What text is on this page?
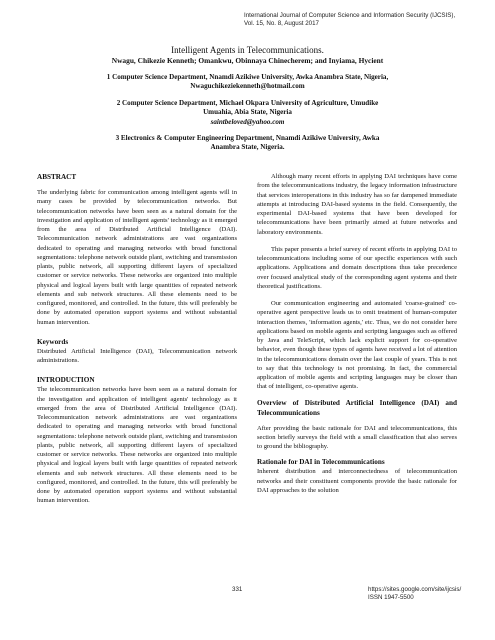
International Journal of Computer Science and Information Security (IJCSIS),
Vol. 15, No. 8, August 2017
Intelligent Agents in Telecommunications.
Nwagu, Chikezie Kenneth; Omankwu, Obinnaya Chinecherem; and Inyiama, Hycient
1 Computer Science Department, Nnamdi Azikiwe University, Awka Anambra State, Nigeria,
Nwaguchikeziekenneth@hotmail.com
2 Computer Science Department, Michael Okpara University of Agriculture, Umudike
Umuahia, Abia State, Nigeria
saintbeloved@yahoo.com
3 Electronics & Computer Engineering Department, Nnamdi Azikiwe University, Awka
Anambra State, Nigeria.
ABSTRACT

The underlying fabric for communication among intelligent agents will in many cases be provided by telecommunication networks. But telecommunication networks have been seen as a natural domain for the investigation and application of intelligent agents' technology as it emerged from the area of Distributed Artificial Intelligence (DAI). Telecommunication network administrations are vast organizations dedicated to operating and managing networks with broad functional segmentations: telephone network outside plant, switching and transmission plants, public network, all supporting different layers of specialized customer or service networks. These networks are organized into multiple physical and logical layers built with large quantities of repeated network elements and sub network structures. All these elements need to be configured, monitored, and controlled. In the future, this will preferably be done by automated operation support systems and without substantial human intervention.

Keywords

Distributed Artificial Intelligence (DAI), Telecommunication network administrations.

INTRODUCTION

The telecommunication networks have been seen as a natural domain for the investigation and application of intelligent agents' technology as it emerged from the area of Distributed Artificial Intelligence (DAI). Telecommunication network administrations are vast organizations dedicated to operating and managing networks with broad functional segmentations: telephone network outside plant, switching and transmission plants, public network, all supporting different layers of specialized customer or service networks. These networks are organized into multiple physical and logical layers built with large quantities of repeated network elements and sub network structures. All these elements need to be configured, monitored, and controlled. In the future, this will preferably be done by automated operation support systems and without substantial human intervention.

Although many recent efforts in applying DAI techniques have come from the telecommunications industry, the legacy information infrastructure that services interoperations in this industry has so far dampened immediate attempts at introducing DAI-based systems in the field. Consequently, the experimental DAI-based systems that have been developed for telecommunications have been primarily aimed at future networks and laboratory environments.

This paper presents a brief survey of recent efforts in applying DAI to telecommunications including some of our specific experiences with such applications. Applications and domain descriptions thus take precedence over focused analytical study of the corresponding agent systems and their theoretical justifications.

Our communication engineering and automated 'coarse-grained' co-operative agent perspective leads us to omit treatment of human-computer interaction themes, 'information agents,' etc. Thus, we do not consider here applications based on mobile agents and scripting languages such as offered by Java and TeleScript, which lack explicit support for co-operative behavior, even though these types of agents have received a lot of attention in the telecommunications domain over the last couple of years. This is not to say that this technology is not promising. In fact, the commercial application of mobile agents and scripting languages may be closer than that of intelligent, co-operative agents.

Overview of Distributed Artificial Intelligence (DAI) and Telecommunications

After providing the basic rationale for DAI and telecommunications, this section briefly surveys the field with a small classification that also serves to ground the bibliography.

Rationale for DAI in Telecommunications

Inherent distribution and interconnectedness of telecommunication networks and their constituent components provide the basic rationale for DAI approaches to the solution

331	https://sites.google.com/site/ijcsis/
ISSN 1947-5500
